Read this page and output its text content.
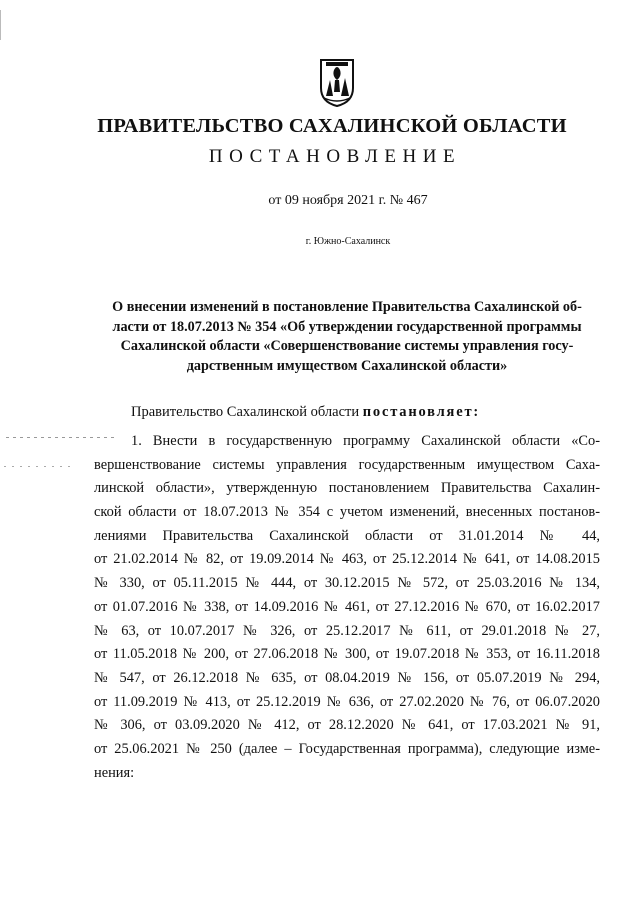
ПРАВИТЕЛЬСТВО САХАЛИНСКОЙ ОБЛАСТИ
ПОСТАНОВЛЕНИЕ
от 09 ноября 2021 г. № 467
г. Южно-Сахалинск
О внесении изменений в постановление Правительства Сахалинской об-
ласти от 18.07.2013 № 354 «Об утверждении государственной программы
Сахалинской области «Совершенствование системы управления госу-
дарственным имуществом Сахалинской области»
Правительство Сахалинской области постановляет:
1. Внести в государственную программу Сахалинской области «Со-
вершенствование системы управления государственным имуществом Саха-
линской области», утвержденную постановлением Правительства Сахалин-
ской области от 18.07.2013 № 354 с учетом изменений, внесенных постанов-
лениями Правительства Сахалинской области от 31.01.2014 № 44,
от 21.02.2014 № 82, от 19.09.2014 № 463, от 25.12.2014 № 641, от 14.08.2015
№ 330, от 05.11.2015 № 444, от 30.12.2015 № 572, от 25.03.2016 № 134,
от 01.07.2016 № 338, от 14.09.2016 № 461, от 27.12.2016 № 670, от 16.02.2017
№ 63, от 10.07.2017 № 326, от 25.12.2017 № 611, от 29.01.2018 № 27,
от 11.05.2018 № 200, от 27.06.2018 № 300, от 19.07.2018 № 353, от 16.11.2018
№ 547, от 26.12.2018 № 635, от 08.04.2019 № 156, от 05.07.2019 № 294,
от 11.09.2019 № 413, от 25.12.2019 № 636, от 27.02.2020 № 76, от 06.07.2020
№ 306, от 03.09.2020 № 412, от 28.12.2020 № 641, от 17.03.2021 № 91,
от 25.06.2021 № 250 (далее – Государственная программа), следующие изме-
нения:
